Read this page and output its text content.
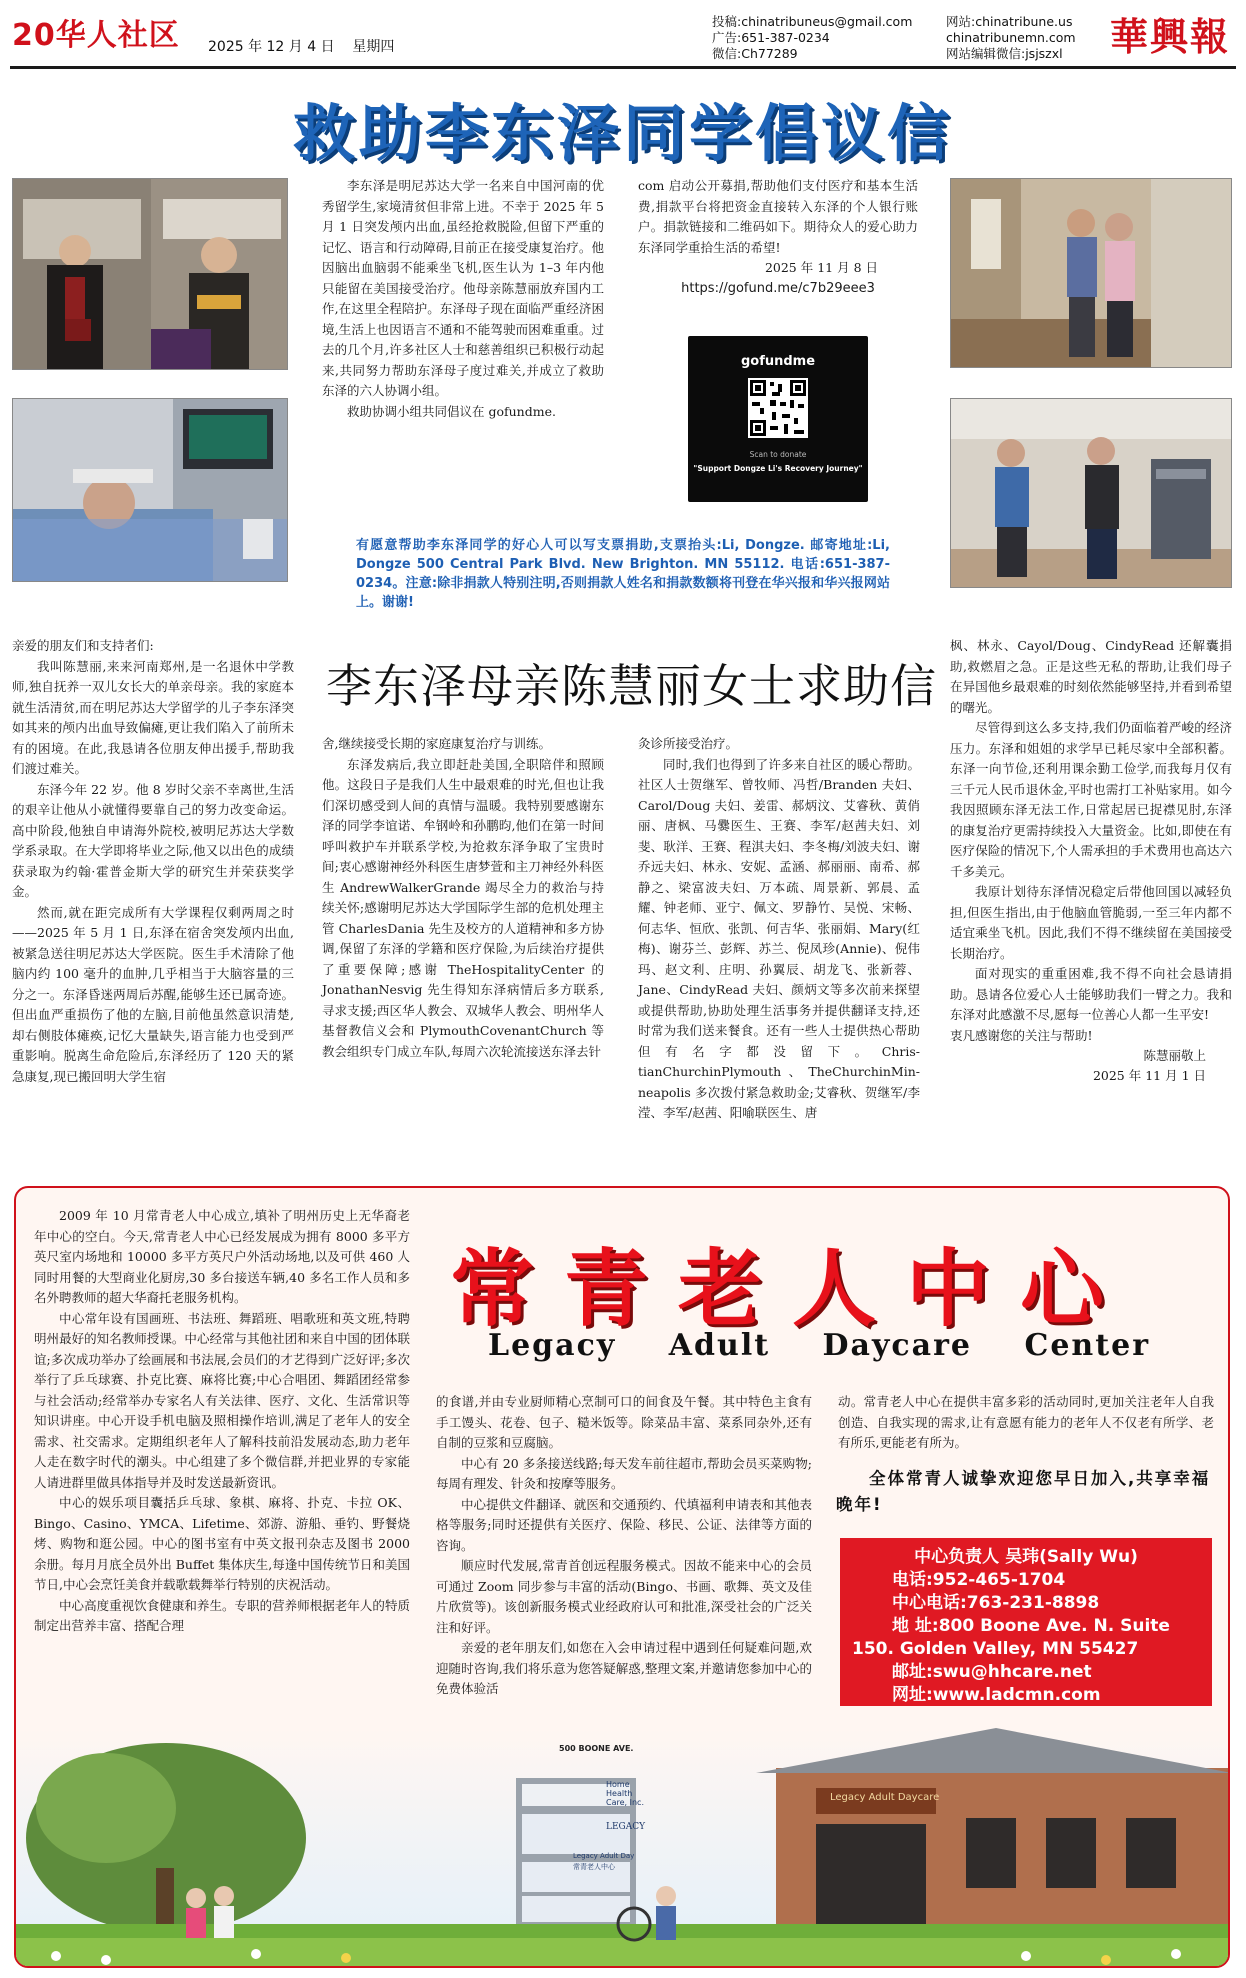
20华人社区 2025 年 12 月 4 日 星期四
投稿:chinatribuneus@gmail.com
广告:651-387-0234
微信:Ch77289
网站:chinatribune.us
chinatribunemn.com
网站编辑微信:jsjszxl	華興報
救助李东泽同学倡议信

李东泽是明尼苏达大学一名来自中国河南的优秀留学生,家境清贫但非常上进。不幸于 2025 年 5 月 1 日突发颅内出血,虽经抢救脱险,但留下严重的记忆、语言和行动障碍,目前正在接受康复治疗。他因脑出血脑弱不能乘坐飞机,医生认为 1–3 年内他只能留在美国接受治疗。他母亲陈慧丽放弃国内工作,在这里全程陪护。东泽母子现在面临严重经济困境,生活上也因语言不通和不能驾驶而困难重重。过去的几个月,许多社区人士和慈善组织已积极行动起来,共同努力帮助东泽母子度过难关,并成立了救助东泽的六人协调小组。

救助协调小组共同倡议在 gofundme.

com 启动公开募捐,帮助他们支付医疗和基本生活费,捐款平台将把资金直接转入东泽的个人银行账户。捐款链接和二维码如下。期待众人的爱心助力东泽同学重拾生活的希望!

2025 年 11 月 8 日
https://gofund.me/c7b29eee3
gofundme
Scan to donate
"Support Dongze Li's Recovery Journey"
有愿意帮助李东泽同学的好心人可以写支票捐助,支票抬头:Li, Dongze. 邮寄地址:Li, Dongze 500 Central Park Blvd. New Brighton. MN 55112. 电话:651-387-0234。注意:除非捐款人特别注明,否则捐款人姓名和捐款数额将刊登在华兴报和华兴报网站上。谢谢!
李东泽母亲陈慧丽女士求助信
亲爱的朋友们和支持者们:

我叫陈慧丽,来来河南郑州,是一名退休中学教师,独自抚养一双儿女长大的单亲母亲。我的家庭本就生活清贫,而在明尼苏达大学留学的儿子李东泽突如其来的颅内出血导致偏瘫,更让我们陷入了前所未有的困境。在此,我恳请各位朋友伸出援手,帮助我们渡过难关。

东泽今年 22 岁。他 8 岁时父亲不幸离世,生活的艰辛让他从小就懂得要靠自己的努力改变命运。高中阶段,他独自申请海外院校,被明尼苏达大学数学系录取。在大学即将毕业之际,他又以出色的成绩获录取为约翰·霍普金斯大学的研究生并荣获奖学金。

然而,就在距完成所有大学课程仅剩两周之时——2025 年 5 月 1 日,东泽在宿舍突发颅内出血,被紧急送往明尼苏达大学医院。医生手术清除了他脑内约 100 毫升的血肿,几乎相当于大脑容量的三分之一。东泽昏迷两周后苏醒,能够生还已属奇迹。但出血严重损伤了他的左脑,目前他虽然意识清楚,却右侧肢体瘫痪,记忆大量缺失,语言能力也受到严重影响。脱离生命危险后,东泽经历了 120 天的紧急康复,现已搬回明大学生宿

舍,继续接受长期的家庭康复治疗与训练。

东泽发病后,我立即赶赴美国,全职陪伴和照顾他。这段日子是我们人生中最艰难的时光,但也让我们深切感受到人间的真情与温暖。我特别要感谢东泽的同学李谊诺、牟钢岭和孙鹏昀,他们在第一时间呼叫救护车并联系学校,为抢救东泽争取了宝贵时间;衷心感谢神经外科医生唐梦萱和主刀神经外科医生 AndrewWalkerGrande 竭尽全力的救治与持续关怀;感谢明尼苏达大学国际学生部的危机处理主管 CharlesDania 先生及校方的人道精神和多方协调,保留了东泽的学籍和医疗保险,为后续治疗提供了重要保障;感谢 TheHospitalityCenter 的 JonathanNesvig 先生得知东泽病情后多方联系,寻求支援;西区华人教会、双城华人教会、明州华人基督教信义会和 PlymouthCovenantChurch 等教会组织专门成立车队,每周六次轮流接送东泽去针

灸诊所接受治疗。

同时,我们也得到了许多来自社区的暖心帮助。社区人士贺继军、曾牧师、冯哲/Branden 夫妇、Carol/Doug 夫妇、姜雷、郝炳汶、艾睿秋、黄俏丽、唐枫、马爨医生、王赛、李军/赵茜夫妇、刘斐、耿洋、王赛、程淇夫妇、李冬梅/刘波夫妇、谢乔远夫妇、林永、安妮、孟涵、郝丽丽、南希、郝静之、梁富波夫妇、万本疏、周景新、郭晨、孟耀、钟老师、亚宁、佩文、罗静竹、吴悦、宋畅、何志华、恒欣、张凯、何吉华、张丽娟、Mary(红梅)、谢芬兰、彭辉、苏兰、倪凤珍(Annie)、倪伟玛、赵文利、庄明、孙翼辰、胡龙飞、张新蓉、Jane、CindyRead 夫妇、颜炳文等多次前来探望或提供帮助,协助处理生活事务并提供翻译支持,还时常为我们送来餐食。还有一些人士提供热心帮助但有名字都没留下。Chris-tianChurchinPlymouth、TheChurchinMin-neapolis 多次拨付紧急救助金;艾睿秋、贺继军/李滢、李军/赵茜、阳喻联医生、唐

枫、林永、Cayol/Doug、CindyRead 还解囊捐助,救燃眉之急。正是这些无私的帮助,让我们母子在异国他乡最艰难的时刻依然能够坚持,并看到希望的曙光。

尽管得到这么多支持,我们仍面临着严峻的经济压力。东泽和姐姐的求学早已耗尽家中全部积蓄。东泽一向节俭,还利用课余勤工俭学,而我每月仅有三千元人民币退休金,平时也需打工补贴家用。如今我因照顾东泽无法工作,日常起居已捉襟见肘,东泽的康复治疗更需持续投入大量资金。比如,即使在有医疗保险的情况下,个人需承担的手术费用也高达六千多美元。

我原计划待东泽情况稳定后带他回国以减轻负担,但医生指出,由于他脑血管脆弱,一至三年内都不适宜乘坐飞机。因此,我们不得不继续留在美国接受长期治疗。

面对现实的重重困难,我不得不向社会恳请捐助。恳请各位爱心人士能够助我们一臂之力。我和东泽对此感激不尽,愿每一位善心人都一生平安!

衷凡感谢您的关注与帮助!

陈慧丽敬上
2025 年 11 月 1 日
500 BOONE AVE.
Home Health Care, Inc.
LEGACY
Legacy Adult Day
常青老人中心
Legacy Adult Daycare
常青老人中心
Legacy Adult Daycare Center

2009 年 10 月常青老人中心成立,填补了明州历史上无华裔老年中心的空白。今天,常青老人中心已经发展成为拥有 8000 多平方英尺室内场地和 10000 多平方英尺户外活动场地,以及可供 460 人同时用餐的大型商业化厨房,30 多台接送车辆,40 多名工作人员和多名外聘教师的超大华裔托老服务机构。

中心常年设有国画班、书法班、舞蹈班、唱歌班和英文班,特聘明州最好的知名教师授课。中心经常与其他社团和来自中国的团体联谊;多次成功举办了绘画展和书法展,会员们的才艺得到广泛好评;多次举行了乒乓球赛、扑克比赛、麻将比赛;中心合唱团、舞蹈团经常参与社会活动;经常举办专家名人有关法律、医疗、文化、生活常识等知识讲座。中心开设手机电脑及照相操作培训,满足了老年人的安全需求、社交需求。定期组织老年人了解科技前沿发展动态,助力老年人走在数字时代的潮头。中心组建了多个微信群,并把业界的专家能人请进群里做具体指导并及时发送最新资讯。

中心的娱乐项目囊括乒乓球、象棋、麻将、扑克、卡拉 OK、Bingo、Casino、YMCA、Lifetime、郊游、游船、垂钓、野餐烧烤、购物和逛公园。中心的图书室有中英文报刊杂志及图书 2000 余册。每月月底全员外出 Buffet 集体庆生,每逢中国传统节日和美国节日,中心会烹饪美食并载歌载舞举行特别的庆祝活动。

中心高度重视饮食健康和养生。专职的营养师根据老年人的特质制定出营养丰富、搭配合理

的食谱,并由专业厨师精心烹制可口的间食及午餐。其中特色主食有手工馒头、花卷、包子、糙米饭等。除菜品丰富、菜系同杂外,还有自制的豆浆和豆腐脑。

中心有 20 多条接送线路;每天发车前往超市,帮助会员买菜购物;每周有理发、针灸和按摩等服务。

中心提供文件翻译、就医和交通预约、代填福利申请表和其他表格等服务;同时还提供有关医疗、保险、移民、公证、法律等方面的咨询。

顺应时代发展,常青首创远程服务模式。因故不能来中心的会员可通过 Zoom 同步参与丰富的活动(Bingo、书画、歌舞、英文及佳片欣赏等)。该创新服务模式业经政府认可和批准,深受社会的广泛关注和好评。

亲爱的老年朋友们,如您在入会申请过程中遇到任何疑难问题,欢迎随时咨询,我们将乐意为您答疑解惑,整理文案,并邀请您参加中心的免费体验活

动。常青老人中心在提供丰富多彩的活动同时,更加关注老年人自我创造、自我实现的需求,让有意愿有能力的老年人不仅老有所学、老有所乐,更能老有所为。

全体常青人诚挚欢迎您早日加入,共享幸福晚年!
中心负责人 吴玮(Sally Wu)
电话:952-465-1704
中心电话:763-231-8898
地 址:800 Boone Ave. N. Suite
150. Golden Valley, MN 55427
邮址:swu@hhcare.net
网址:www.ladcmn.com
